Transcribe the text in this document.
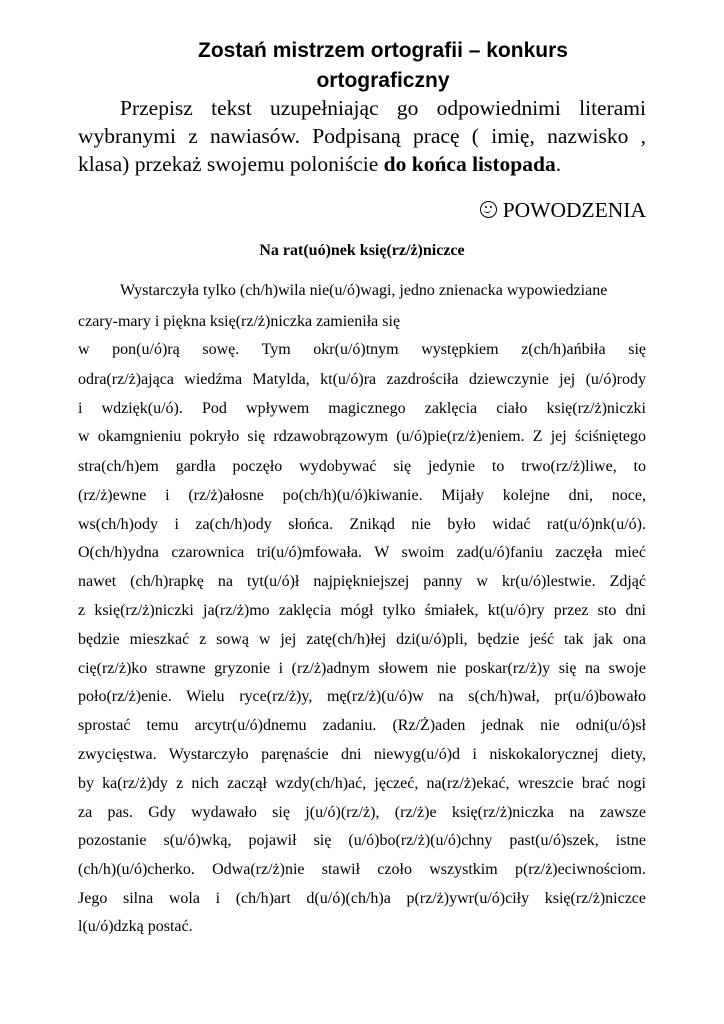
Zostań mistrzem ortografii – konkurs
ortograficzny

Przepisz tekst uzupełniając go odpowiednimi literami wybranymi z nawiasów. Podpisaną pracę ( imię, nazwisko , klasa) przekaż swojemu poloniście do końca listopada.

POWODZENIA
Na rat(uó)nek księ(rz/ż)niczce
Wystarczyła tylko (ch/h)wila nie(u/ó)wagi, jedno znienacka wypowiedziane
czary-mary i piękna księ(rz/ż)niczka zamieniła się
w pon(u/ó)rą sowę. Tym okr(u/ó)tnym występkiem z(ch/h)ańbiła się
odra(rz/ż)ająca wiedźma Matylda, kt(u/ó)ra zazdrościła dziewczynie jej (u/ó)rody
i wdzięk(u/ó). Pod wpływem magicznego zaklęcia ciało księ(rz/ż)niczki
w okamgnieniu pokryło się rdzawobrązowym (u/ó)pie(rz/ż)eniem. Z jej ściśniętego
stra(ch/h)em gardła poczęło wydobywać się jedynie to trwo(rz/ż)liwe, to
(rz/ż)ewne i (rz/ż)ałosne po(ch/h)(u/ó)kiwanie. Mijały kolejne dni, noce,
ws(ch/h)ody i za(ch/h)ody słońca. Znikąd nie było widać rat(u/ó)nk(u/ó).
O(ch/h)ydna czarownica tri(u/ó)mfowała. W swoim zad(u/ó)faniu zaczęła mieć
nawet (ch/h)rapkę na tyt(u/ó)ł najpiękniejszej panny w kr(u/ó)lestwie. Zdjąć
z księ(rz/ż)niczki ja(rz/ż)mo zaklęcia mógł tylko śmiałek, kt(u/ó)ry przez sto dni
będzie mieszkać z sową w jej zatę(ch/h)łej dzi(u/ó)pli, będzie jeść tak jak ona
cię(rz/ż)ko strawne gryzonie i (rz/ż)adnym słowem nie poskar(rz/ż)y się na swoje
poło(rz/ż)enie. Wielu ryce(rz/ż)y, mę(rz/ż)(u/ó)w na s(ch/h)wał, pr(u/ó)bowało
sprostać temu arcytr(u/ó)dnemu zadaniu. (Rz/Ż)aden jednak nie odni(u/ó)sł
zwycięstwa. Wystarczyło paręnaście dni niewyg(u/ó)d i niskokalorycznej diety,
by ka(rz/ż)dy z nich zaczął wzdy(ch/h)ać, jęczeć, na(rz/ż)ekać, wreszcie brać nogi
za pas. Gdy wydawało się j(u/ó)(rz/ż), (rz/ż)e księ(rz/ż)niczka na zawsze
pozostanie s(u/ó)wką, pojawił się (u/ó)bo(rz/ż)(u/ó)chny past(u/ó)szek, istne
(ch/h)(u/ó)cherko. Odwa(rz/ż)nie stawił czoło wszystkim p(rz/ż)eciwnościom.
Jego silna wola i (ch/h)art d(u/ó)(ch/h)a p(rz/ż)ywr(u/ó)ciły księ(rz/ż)niczce
l(u/ó)dzką postać.
